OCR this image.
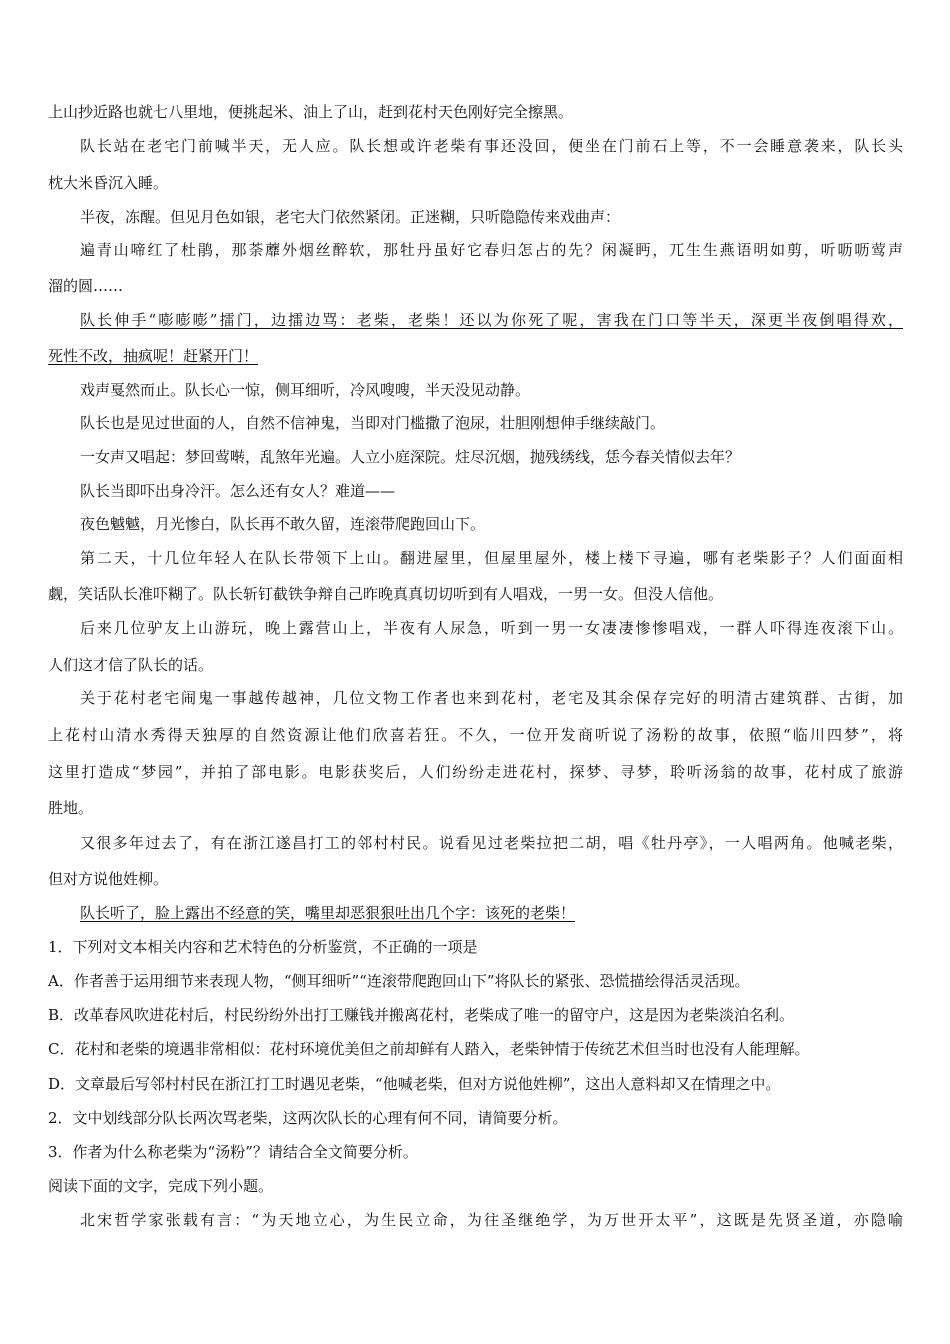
上山抄近路也就七八里地，便挑起米、油上了山，赶到花村天色刚好完全擦黑。
队长站在老宅门前喊半天，无人应。队长想或许老柴有事还没回，便坐在门前石上等，不一会睡意袭来，队长头
枕大米昏沉入睡。
半夜，冻醒。但见月色如银，老宅大门依然紧闭。正迷糊，只听隐隐传来戏曲声：
遍青山啼红了杜鹃，那荼蘼外烟丝醉软，那牡丹虽好它春归怎占的先？闲凝眄，兀生生燕语明如剪，听呖呖莺声
溜的圆……
队长伸手“嘭嘭嘭”擂门，边擂边骂：老柴，老柴！还以为你死了呢，害我在门口等半天，深更半夜倒唱得欢，
死性不改，抽疯呢！赶紧开门！
戏声戛然而止。队长心一惊，侧耳细听，冷风嗖嗖，半天没见动静。
队长也是见过世面的人，自然不信神鬼，当即对门槛撒了泡尿，壮胆刚想伸手继续敲门。
一女声又唱起：梦回莺啭，乱煞年光遍。人立小庭深院。炷尽沉烟，抛残绣线，恁今春关情似去年？
队长当即吓出身冷汗。怎么还有女人？难道——
夜色魆魆，月光惨白，队长再不敢久留，连滚带爬跑回山下。
第二天，十几位年轻人在队长带领下上山。翻进屋里，但屋里屋外，楼上楼下寻遍，哪有老柴影子？人们面面相
觑，笑话队长准吓糊了。队长斩钉截铁争辩自己昨晚真真切切听到有人唱戏，一男一女。但没人信他。
后来几位驴友上山游玩，晚上露营山上，半夜有人尿急，听到一男一女凄凄惨惨唱戏，一群人吓得连夜滚下山。
人们这才信了队长的话。
关于花村老宅闹鬼一事越传越神，几位文物工作者也来到花村，老宅及其余保存完好的明清古建筑群、古街，加
上花村山清水秀得天独厚的自然资源让他们欣喜若狂。不久，一位开发商听说了汤粉的故事，依照“临川四梦”，将
这里打造成“梦园”，并拍了部电影。电影获奖后，人们纷纷走进花村，探梦、寻梦，聆听汤翁的故事，花村成了旅游
胜地。
又很多年过去了，有在浙江遂昌打工的邻村村民。说看见过老柴拉把二胡，唱《牡丹亭》，一人唱两角。他喊老柴，
但对方说他姓柳。
队长听了，脸上露出不经意的笑，嘴里却恶狠狠吐出几个字：该死的老柴！
1．下列对文本相关内容和艺术特色的分析鉴赏，不正确的一项是
A．作者善于运用细节来表现人物，“侧耳细听”“连滚带爬跑回山下”将队长的紧张、恐慌描绘得活灵活现。
B．改革春风吹进花村后，村民纷纷外出打工赚钱并搬离花村，老柴成了唯一的留守户，这是因为老柴淡泊名利。
C．花村和老柴的境遇非常相似：花村环境优美但之前却鲜有人踏入，老柴钟情于传统艺术但当时也没有人能理解。
D．文章最后写邻村村民在浙江打工时遇见老柴，“他喊老柴，但对方说他姓柳”，这出人意料却又在情理之中。
2．文中划线部分队长两次骂老柴，这两次队长的心理有何不同，请简要分析。
3．作者为什么称老柴为“汤粉”？请结合全文简要分析。
阅读下面的文字，完成下列小题。
北宋哲学家张载有言：“为天地立心，为生民立命，为往圣继绝学，为万世开太平”，这既是先贤圣道，亦隐喻
